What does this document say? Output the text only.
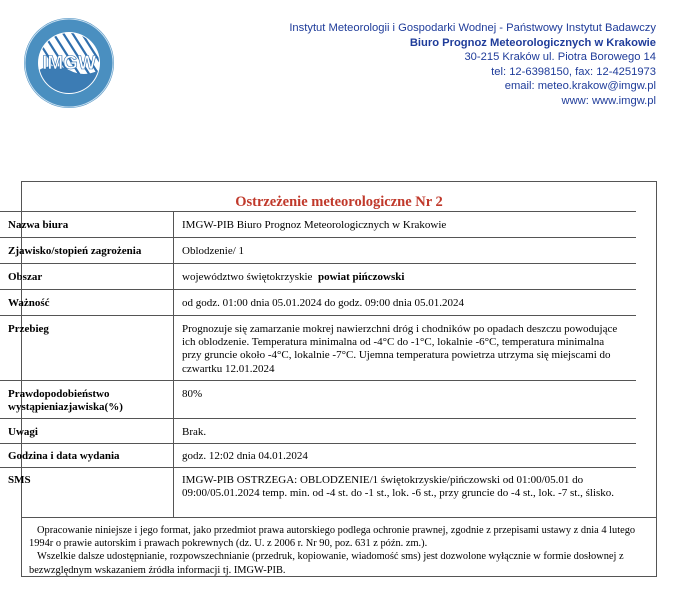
IMGW
Instytut Meteorologii i Gospodarki Wodnej - Państwowy Instytut Badawczy
Biuro Prognoz Meteorologicznych w Krakowie
30-215 Kraków ul. Piotra Borowego 14
tel: 12-6398150, fax: 12-4251973
email: meteo.krakow@imgw.pl
www: www.imgw.pl
Ostrzeżenie meteorologiczne Nr 2
Nazwa biura	IMGW-PIB Biuro Prognoz Meteorologicznych w Krakowie
Zjawisko/stopień zagrożenia	Oblodzenie/ 1
Obszar	województwo świętokrzyskie powiat pińczowski
Ważność	od godz. 01:00 dnia 05.01.2024 do godz. 09:00 dnia 05.01.2024
Przebieg	Prognozuje się zamarzanie mokrej nawierzchni dróg i chodników po opadach deszczu powodujące ich oblodzenie. Temperatura minimalna od -4°C do -1°C, lokalnie -6°C, temperatura minimalna przy gruncie około -4°C, lokalnie -7°C. Ujemna temperatura powietrza utrzyma się miejscami do czwartku 12.01.2024
Prawdopodobieństwo wystąpieniazjawiska(%)	80%
Uwagi	Brak.
Godzina i data wydania	godz. 12:02 dnia 04.01.2024
SMS	IMGW-PIB OSTRZEGA: OBLODZENIE/1 świętokrzyskie/pińczowski od 01:00/05.01 do 09:00/05.01.2024 temp. min. od -4 st. do -1 st., lok. -6 st., przy gruncie do -4 st., lok. -7 st., ślisko.

Opracowanie niniejsze i jego format, jako przedmiot prawa autorskiego podlega ochronie prawnej, zgodnie z przepisami ustawy z dnia 4 lutego 1994r o prawie autorskim i prawach pokrewnych (dz. U. z 2006 r. Nr 90, poz. 631 z późn. zm.).

Wszelkie dalsze udostępnianie, rozpowszechnianie (przedruk, kopiowanie, wiadomość sms) jest dozwolone wyłącznie w formie dosłownej z bezwzględnym wskazaniem źródła informacji tj. IMGW-PIB.
